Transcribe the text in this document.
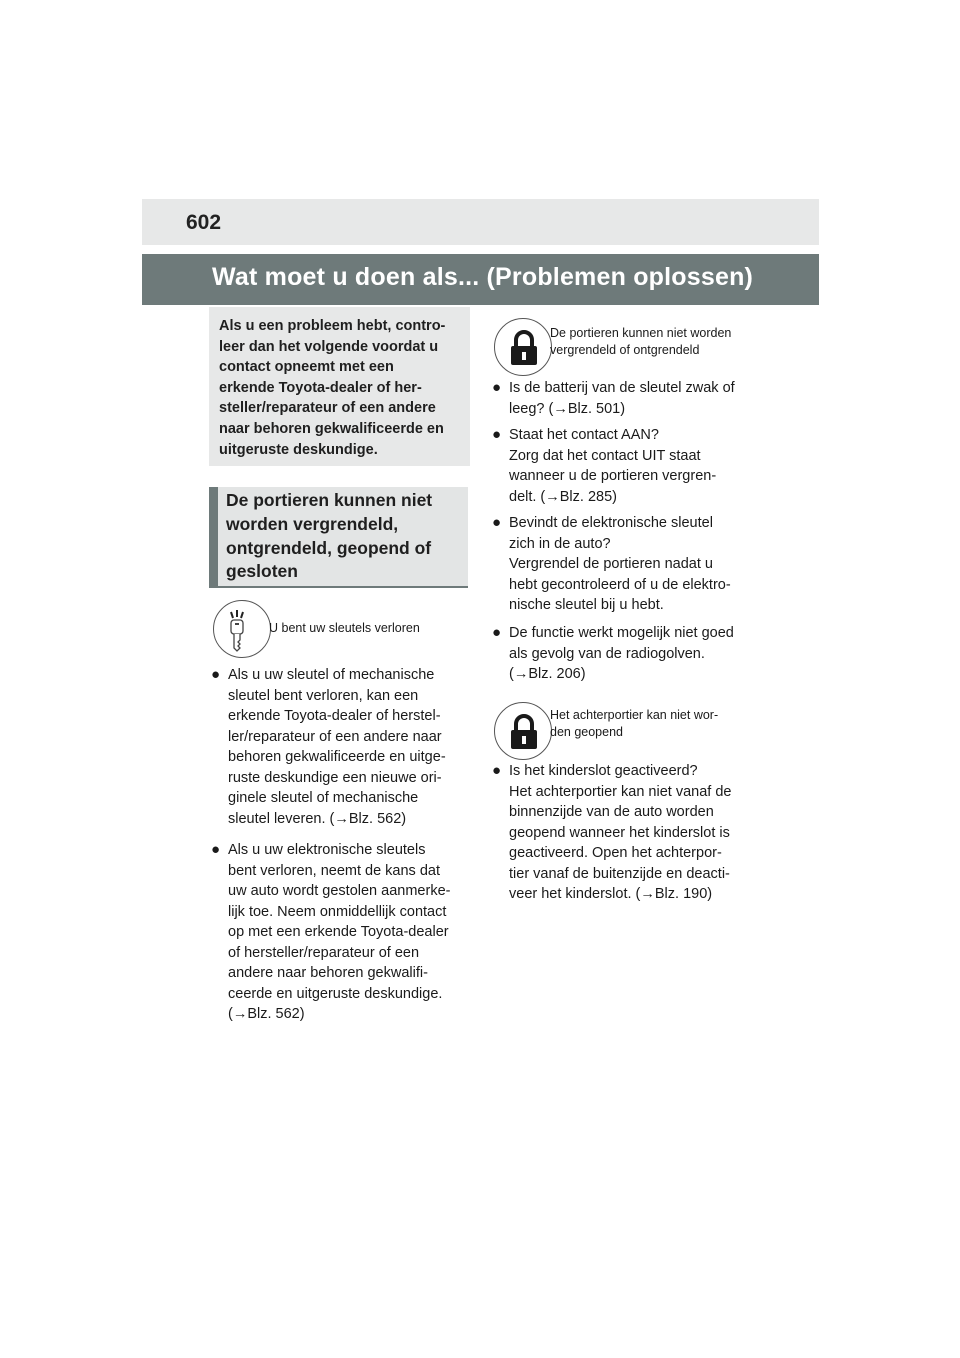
602
Wat moet u doen als... (Problemen oplossen)

Als u een probleem hebt, contro-
leer dan het volgende voordat u
contact opneemt met een
erkende Toyota-dealer of her-
steller/reparateur of een andere
naar behoren gekwalificeerde en
uitgeruste deskundige.

De portieren kunnen niet
worden vergrendeld,
ontgrendeld, geopend of
gesloten

U bent uw sleutels verloren
● Als u uw sleutel of mechanische
sleutel bent verloren, kan een
erkende Toyota-dealer of herstel-
ler/reparateur of een andere naar
behoren gekwalificeerde en uitge-
ruste deskundige een nieuwe ori-
ginele sleutel of mechanische
sleutel leveren. (→Blz. 562)

● Als u uw elektronische sleutels
bent verloren, neemt de kans dat
uw auto wordt gestolen aanmerke-
lijk toe. Neem onmiddellijk contact
op met een erkende Toyota-dealer
of hersteller/reparateur of een
andere naar behoren gekwalifi-
ceerde en uitgeruste deskundige.
(→Blz. 562)

De portieren kunnen niet worden
vergrendeld of ontgrendeld
● Is de batterij van de sleutel zwak of
leeg? (→Blz. 501)

● Staat het contact AAN?
Zorg dat het contact UIT staat
wanneer u de portieren vergren-
delt. (→Blz. 285)

● Bevindt de elektronische sleutel
zich in de auto?
Vergrendel de portieren nadat u
hebt gecontroleerd of u de elektro-
nische sleutel bij u hebt.

● De functie werkt mogelijk niet goed
als gevolg van de radiogolven.
(→Blz. 206)

Het achterportier kan niet wor-
den geopend
● Is het kinderslot geactiveerd?
Het achterportier kan niet vanaf de
binnenzijde van de auto worden
geopend wanneer het kinderslot is
geactiveerd. Open het achterpor-
tier vanaf de buitenzijde en deacti-
veer het kinderslot. (→Blz. 190)
